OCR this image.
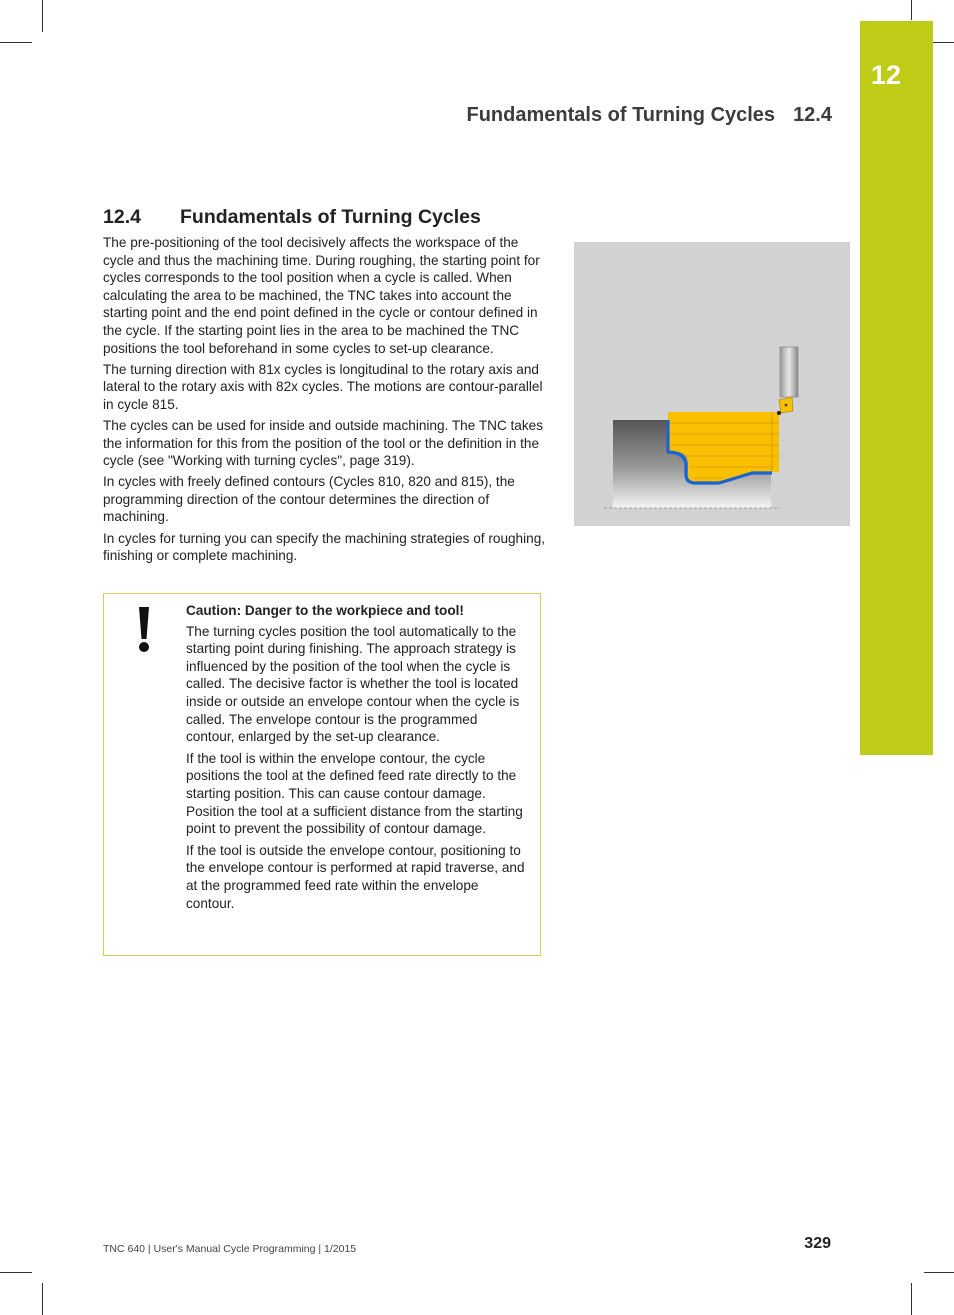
12
Fundamentals of Turning Cycles 12.4
12.4 Fundamentals of Turning Cycles

The pre-positioning of the tool decisively affects the workspace of the cycle and thus the machining time. During roughing, the starting point for cycles corresponds to the tool position when a cycle is called. When calculating the area to be machined, the TNC takes into account the starting point and the end point defined in the cycle or contour defined in the cycle. If the starting point lies in the area to be machined the TNC positions the tool beforehand in some cycles to set-up clearance.

The turning direction with 81x cycles is longitudinal to the rotary axis and lateral to the rotary axis with 82x cycles. The motions are contour-parallel in cycle 815.

The cycles can be used for inside and outside machining. The TNC takes the information for this from the position of the tool or the definition in the cycle (see "Working with turning cycles", page 319).

In cycles with freely defined contours (Cycles 810, 820 and 815), the programming direction of the contour determines the direction of machining.

In cycles for turning you can specify the machining strategies of roughing, finishing or complete machining.

Caution: Danger to the workpiece and tool!

The turning cycles position the tool automatically to the starting point during finishing. The approach strategy is influenced by the position of the tool when the cycle is called. The decisive factor is whether the tool is located inside or outside an envelope contour when the cycle is called. The envelope contour is the programmed contour, enlarged by the set-up clearance.

If the tool is within the envelope contour, the cycle positions the tool at the defined feed rate directly to the starting position. This can cause contour damage. Position the tool at a sufficient distance from the starting point to prevent the possibility of contour damage.

If the tool is outside the envelope contour, positioning to the envelope contour is performed at rapid traverse, and at the programmed feed rate within the envelope contour.

TNC 640 | User's Manual Cycle Programming | 1/2015	329
